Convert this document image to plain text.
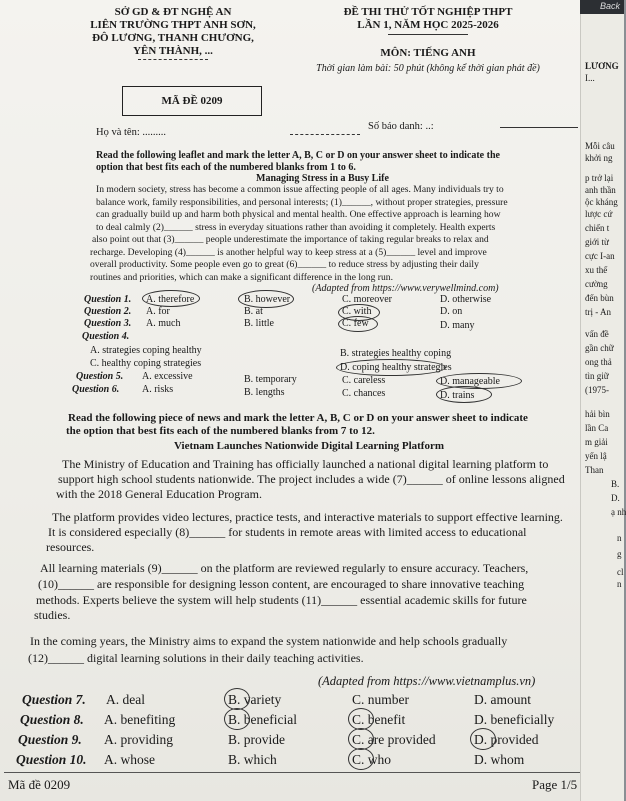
SỞ GD & ĐT NGHỆ AN
LIÊN TRƯỜNG THPT ANH SƠN,
ĐÔ LƯƠNG, THANH CHƯƠNG,
YÊN THÀNH, ...
ĐỀ THI THỬ TỐT NGHIỆP THPT
LẦN 1, NĂM HỌC 2025-2026
MÔN: TIẾNG ANH
Thời gian làm bài: 50 phút (không kể thời gian phát đề)
MÃ ĐỀ 0209
Họ và tên: .........
Số báo danh: ..:
Read the following leaflet and mark the letter A, B, C or D on your answer sheet to indicate the
option that best fits each of the numbered blanks from 1 to 6.
Managing Stress in a Busy Life
In modern society, stress has become a common issue affecting people of all ages. Many individuals try to
balance work, family responsibilities, and personal interests; (1)______, without proper strategies, pressure
can gradually build up and harm both physical and mental health. One effective approach is learning how
to deal calmly (2)______ stress in everyday situations rather than avoiding it completely. Health experts
also point out that (3)______ people underestimate the importance of taking regular breaks to relax and
recharge. Developing (4)______ is another helpful way to keep stress at a (5)______ level and improve
overall productivity. Some people even go to great (6)______ to reduce stress by adjusting their daily
routines and priorities, which can make a significant difference in the long run.
(Adapted from https://www.verywellmind.com)
Question 1. A. therefore	B. however	C. moreover	D. otherwise
Question 2. A. for	B. at	C. with	D. on
Question 3. A. much	B. little	C. few	D. many
Question 4.
A. strategies coping healthy	B. strategies healthy coping
C. healthy coping strategies	D. coping healthy strategies
Question 5. A. excessive	B. temporary	C. careless	D. manageable
Question 6. A. risks	B. lengths	C. chances	D. trains
Read the following piece of news and mark the letter A, B, C or D on your answer sheet to indicate
the option that best fits each of the numbered blanks from 7 to 12.
Vietnam Launches Nationwide Digital Learning Platform
The Ministry of Education and Training has officially launched a national digital learning platform to
support high school students nationwide. The project includes a wide (7)______ of online lessons aligned
with the 2018 General Education Program.
The platform provides video lectures, practice tests, and interactive materials to support effective learning.
It is considered especially (8)______ for students in remote areas with limited access to educational
resources.
All learning materials (9)______ on the platform are reviewed regularly to ensure accuracy. Teachers,
(10)______ are responsible for designing lesson content, are encouraged to share innovative teaching
methods. Experts believe the system will help students (11)______ essential academic skills for future
studies.
In the coming years, the Ministry aims to expand the system nationwide and help schools gradually
(12)______ digital learning solutions in their daily teaching activities.
(Adapted from https://www.vietnamplus.vn)
Question 7. A. deal	B. variety	C. number	D. amount
Question 8. A. benefiting	B. beneficial	C. benefit	D. beneficially
Question 9. A. providing	B. provide	C. are provided	D. provided
Question 10. A. whose	B. which	C. who	D. whom
Mã đề 0209	Page 1/5
Back
LƯƠNG
I...
Mỗi câu
khởi ng
p trở lại
anh thần
ộc kháng
lược cứ
chiến t
giới từ
cực I-an
xu thế
cường
đến bùn
trị - An
vấn đề
gần chữ
ong thả
tìn giữ
(1975-
hải bìn
lần Ca
m giải
yến lậ
Than
B.
D.
ạ nh
n
g
cl
n
